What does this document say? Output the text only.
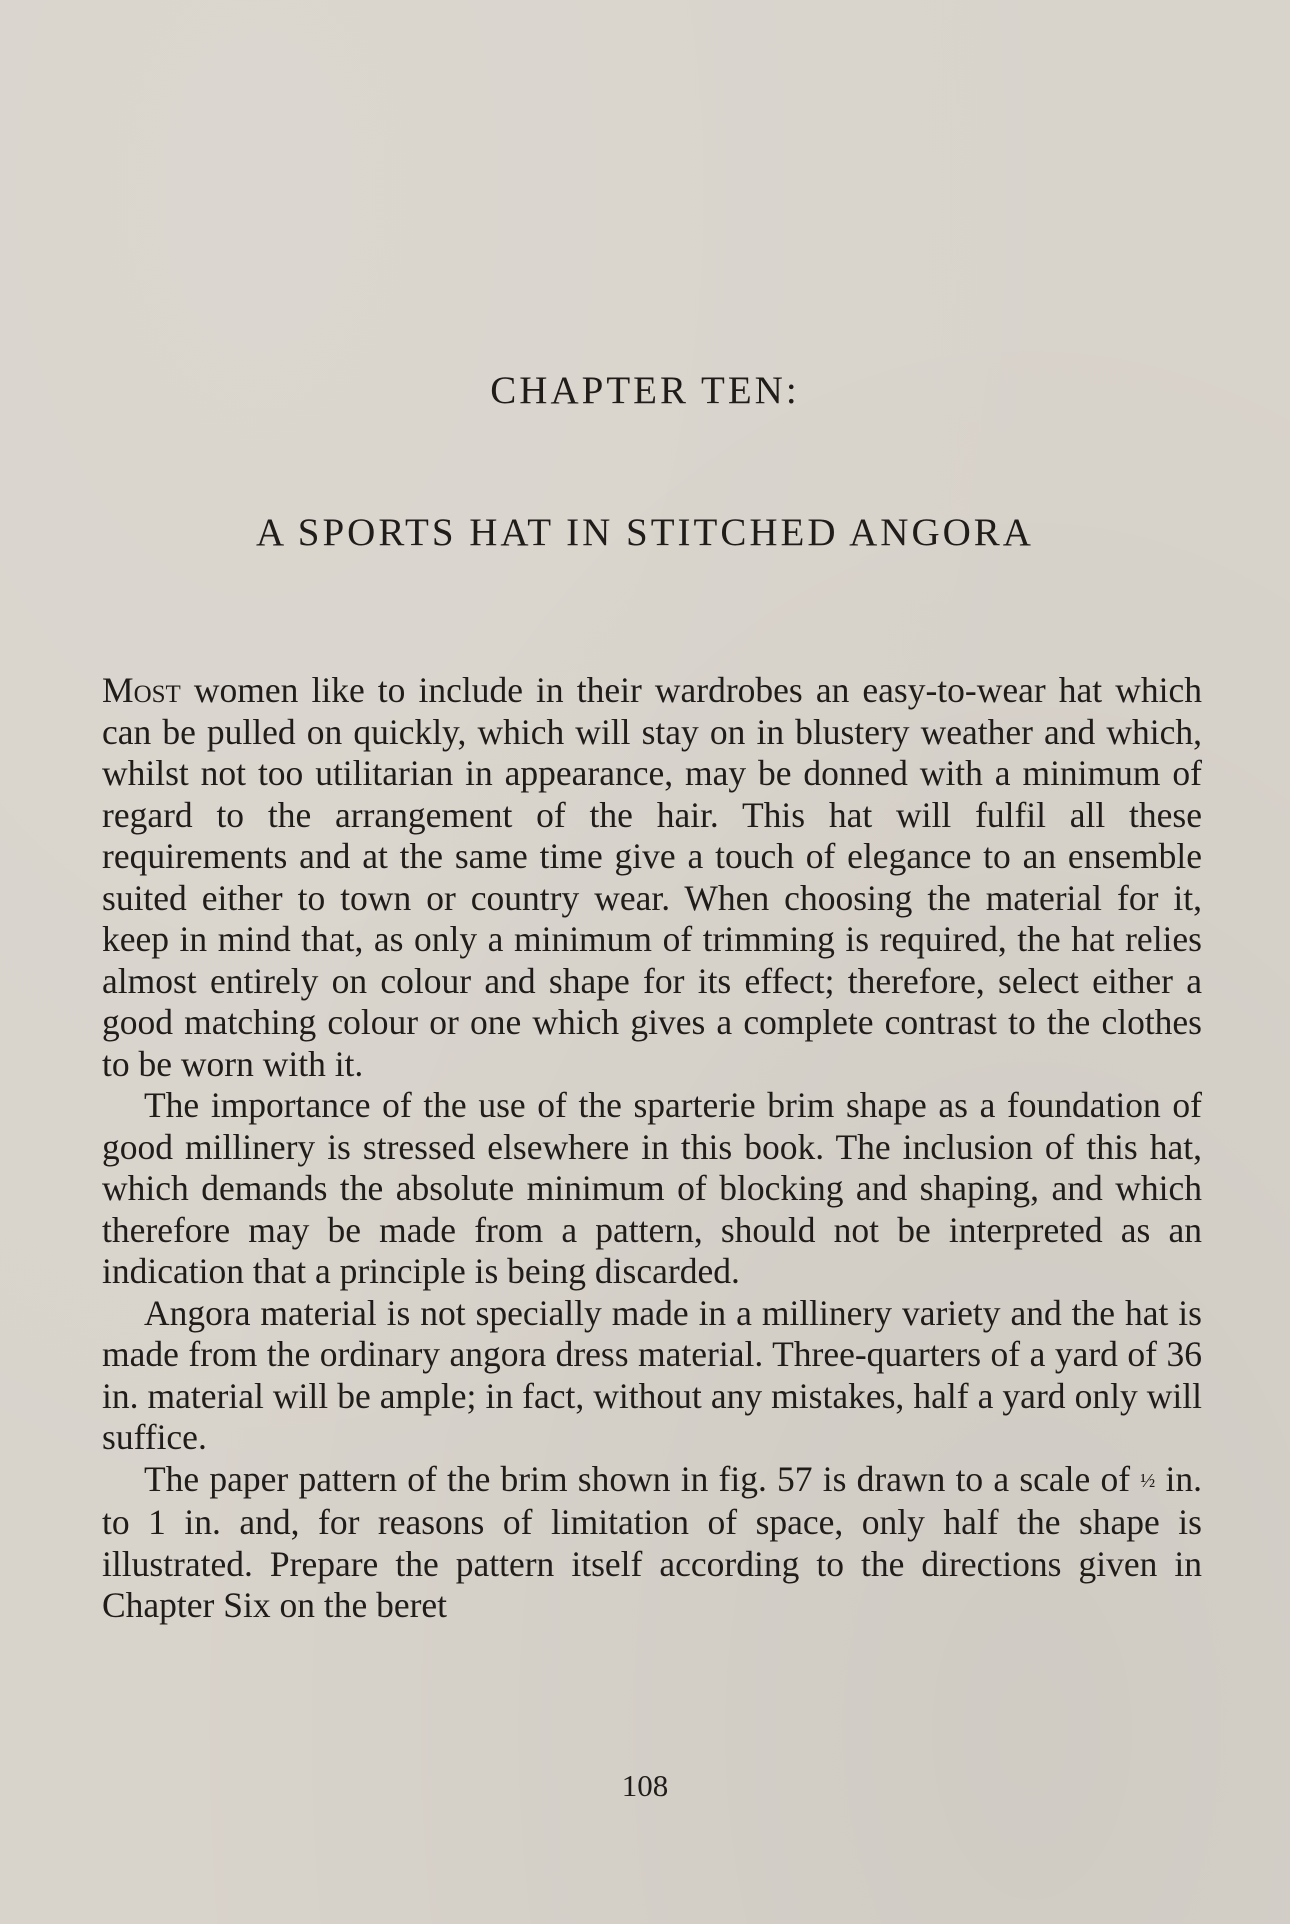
CHAPTER TEN:
A SPORTS HAT IN STITCHED ANGORA

Most women like to include in their wardrobes an easy-to-wear hat which can be pulled on quickly, which will stay on in blustery weather and which, whilst not too utilitarian in appearance, may be donned with a minimum of regard to the arrangement of the hair. This hat will fulfil all these requirements and at the same time give a touch of elegance to an ensemble suited either to town or country wear. When choosing the material for it, keep in mind that, as only a minimum of trimming is required, the hat relies almost entirely on colour and shape for its effect; therefore, select either a good matching colour or one which gives a complete contrast to the clothes to be worn with it.

The importance of the use of the sparterie brim shape as a foundation of good millinery is stressed elsewhere in this book. The inclusion of this hat, which demands the absolute minimum of blocking and shaping, and which therefore may be made from a pattern, should not be interpreted as an indication that a principle is being discarded.

Angora material is not specially made in a millinery variety and the hat is made from the ordinary angora dress material. Three-quarters of a yard of 36 in. material will be ample; in fact, without any mistakes, half a yard only will suffice.

The paper pattern of the brim shown in fig. 57 is drawn to a scale of ½ in. to 1 in. and, for reasons of limitation of space, only half the shape is illustrated. Prepare the pattern itself according to the directions given in Chapter Six on the beret

108
